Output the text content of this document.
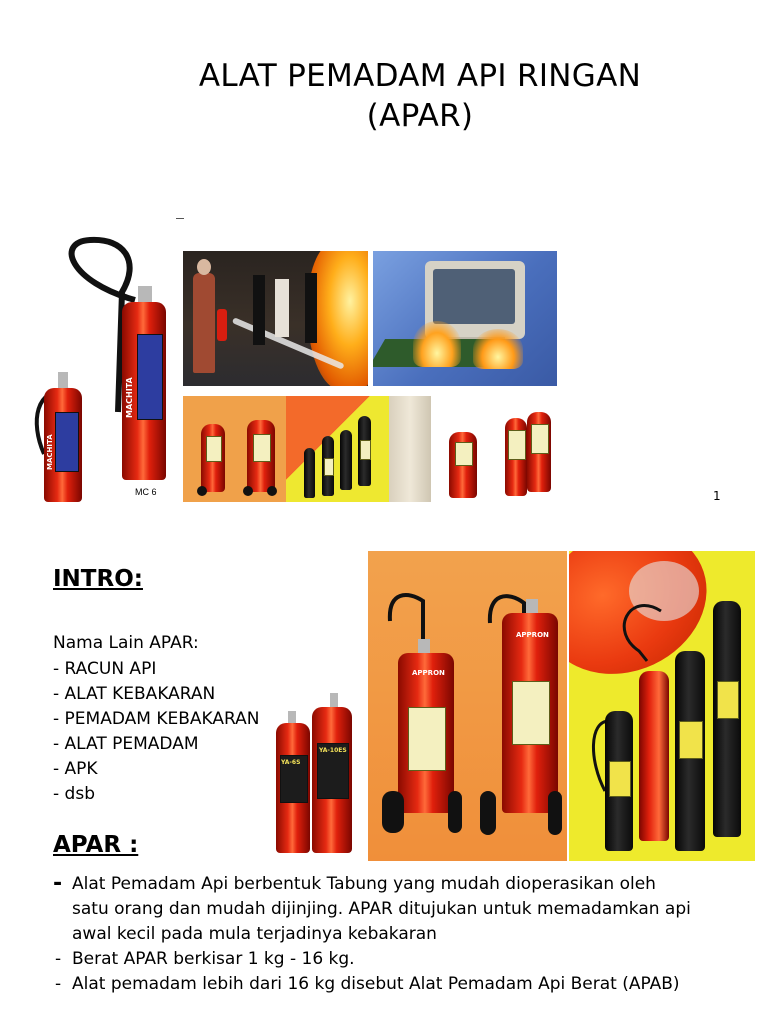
ALAT PEMADAM API RINGAN
(APAR)
MACHITA
MACHITA
MC 6	1
INTRO:
Nama Lain APAR:
- RACUN API
- ALAT KEBAKARAN
- PEMADAM KEBAKARAN
- ALAT PEMADAM
- APK
- dsb
YA-6S
YA-10ES
APPRON
APPRON
APAR :
- Alat Pemadam Api berbentuk Tabung yang mudah dioperasikan oleh   satu orang dan mudah dijinjing. APAR ditujukan untuk memadamkan api awal kecil pada mula terjadinya kebakaran
- Berat APAR berkisar 1 kg - 16 kg.
- Alat pemadam lebih dari 16 kg disebut Alat Pemadam Api Berat (APAB)
